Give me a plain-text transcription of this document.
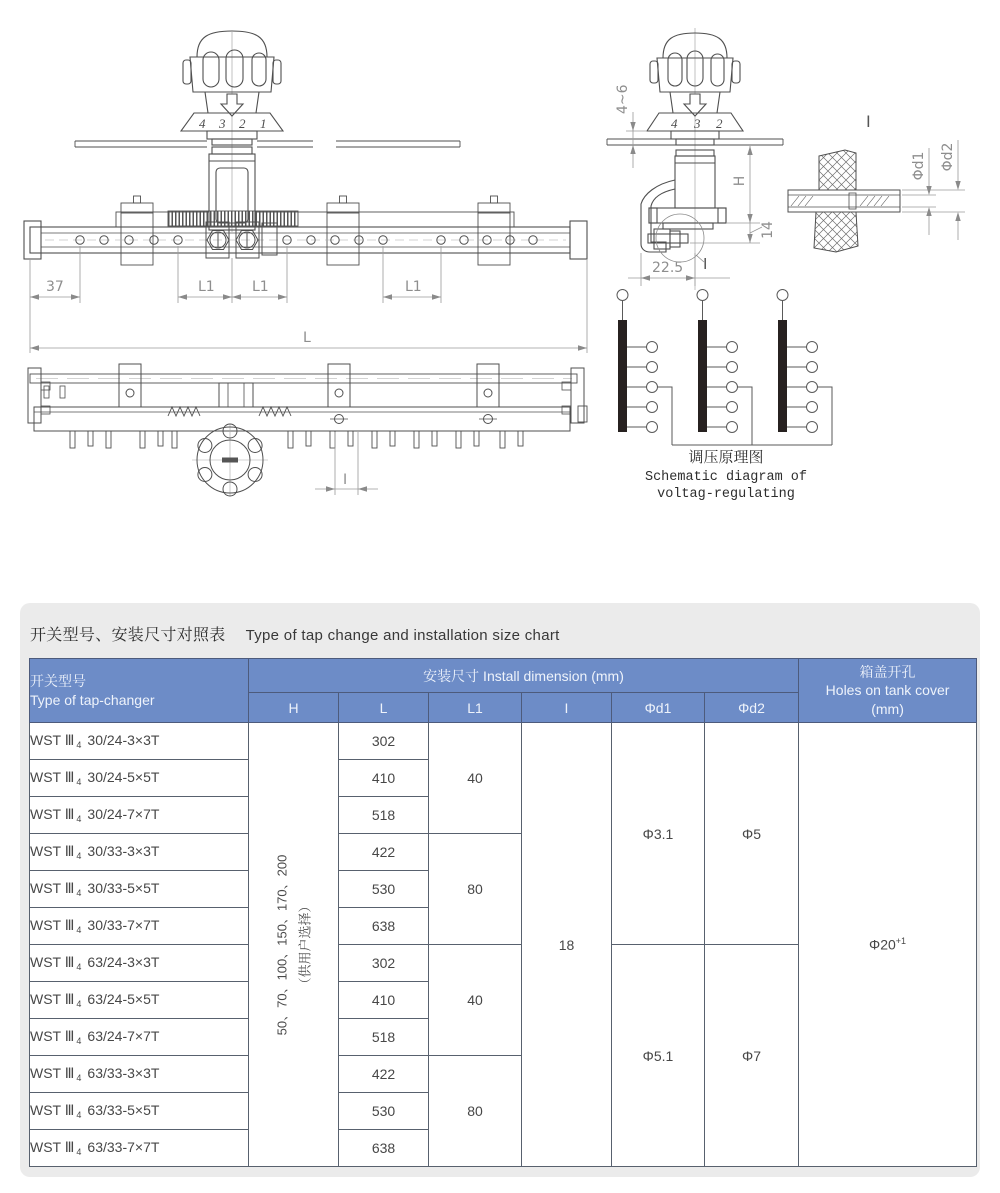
4 3 2 1
37	L1	L1	L1
L
4 3 2
4~6
H
14
22.5 I
I
Φd1 Φd2
调压原理图
Schematic diagram of
voltag-regulating
I
开关型号、安装尺寸对照表 Type of tap change and installation size chart
开关型号
Type of tap-changer
	安装尺寸 Install dimension (mm)	箱盖开孔
Holes on tank cover
(mm)

	H	L	L1	I	Φd1	Φd2	
WST Ⅲ $_4$ 30/24-3×3T	50、70、100、150、170、200 （供用户选择）	302	40	18	Φ3.1	Φ5	$\Phi 20^{+1}$
WST Ⅲ $_4$ 30/24-5×5T		410					
WST Ⅲ $_4$ 30/24-7×7T		518					
WST Ⅲ $_4$ 30/33-3×3T		422	80				
WST Ⅲ $_4$ 30/33-5×5T		530					
WST Ⅲ $_4$ 30/33-7×7T		638					
WST Ⅲ $_4$ 63/24-3×3T		302	40		Φ5.1	Φ7	
WST Ⅲ $_4$ 63/24-5×5T		410					
WST Ⅲ $_4$ 63/24-7×7T		518					
WST Ⅲ $_4$ 63/33-3×3T		422	80				
WST Ⅲ $_4$ 63/33-5×5T		530					
WST Ⅲ $_4$ 63/33-7×7T		638					
